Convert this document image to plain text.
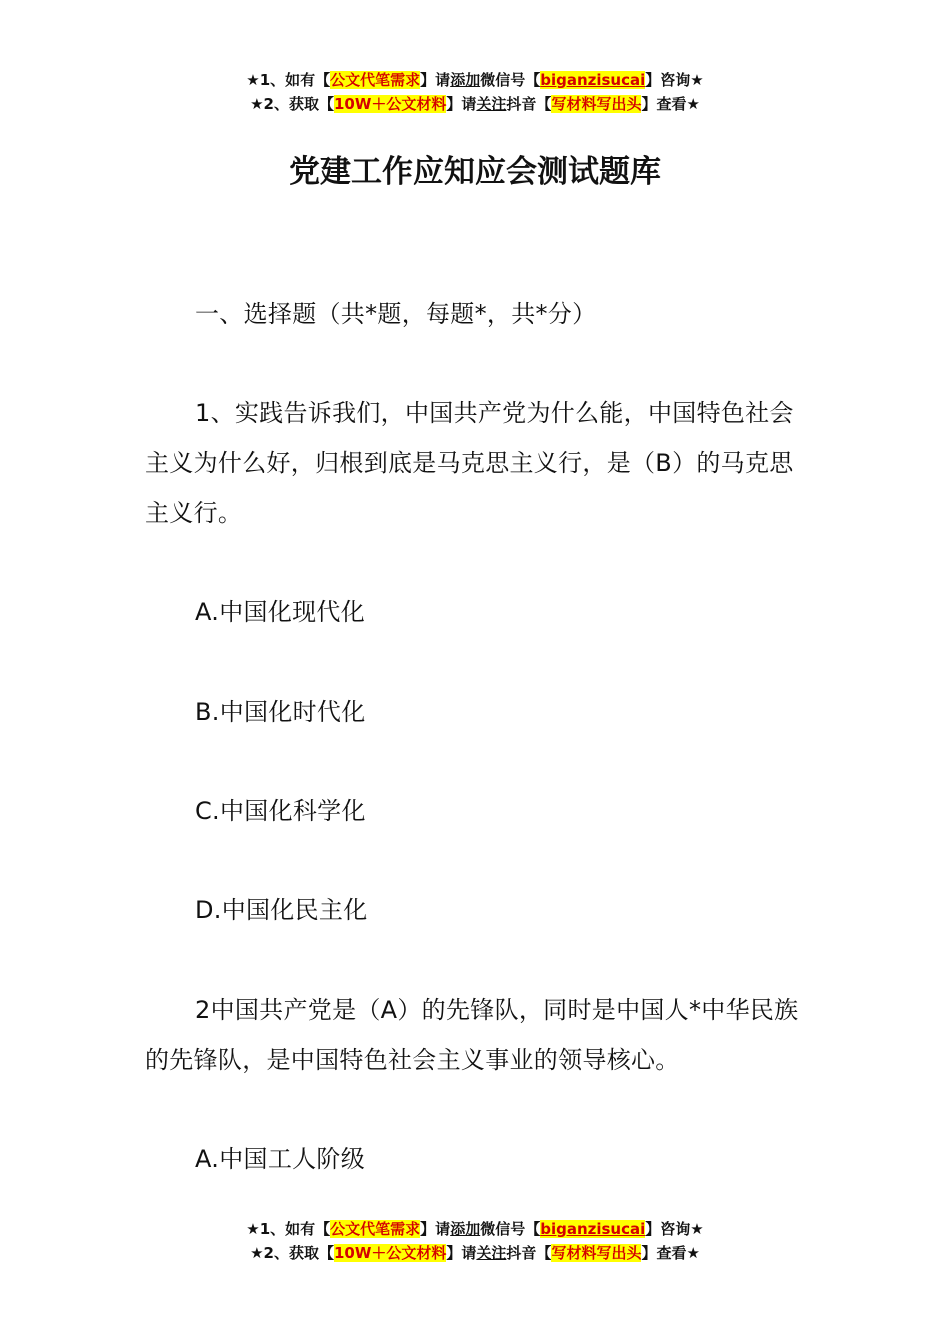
★1、如有【公文代笔需求】请添加微信号【biganzisucai】咨询★
★2、获取【10W＋公文材料】请关注抖音【写材料写出头】查看★
党建工作应知应会测试题库
一、选择题（共*题，每题*，共*分）
1、实践告诉我们，中国共产党为什么能，中国特色社会主义为什么好，归根到底是马克思主义行，是（B）的马克思主义行。
A.中国化现代化
B.中国化时代化
C.中国化科学化
D.中国化民主化
2中国共产党是（A）的先锋队，同时是中国人*中华民族的先锋队，是中国特色社会主义事业的领导核心。
A.中国工人阶级
★1、如有【公文代笔需求】请添加微信号【biganzisucai】咨询★
★2、获取【10W＋公文材料】请关注抖音【写材料写出头】查看★
